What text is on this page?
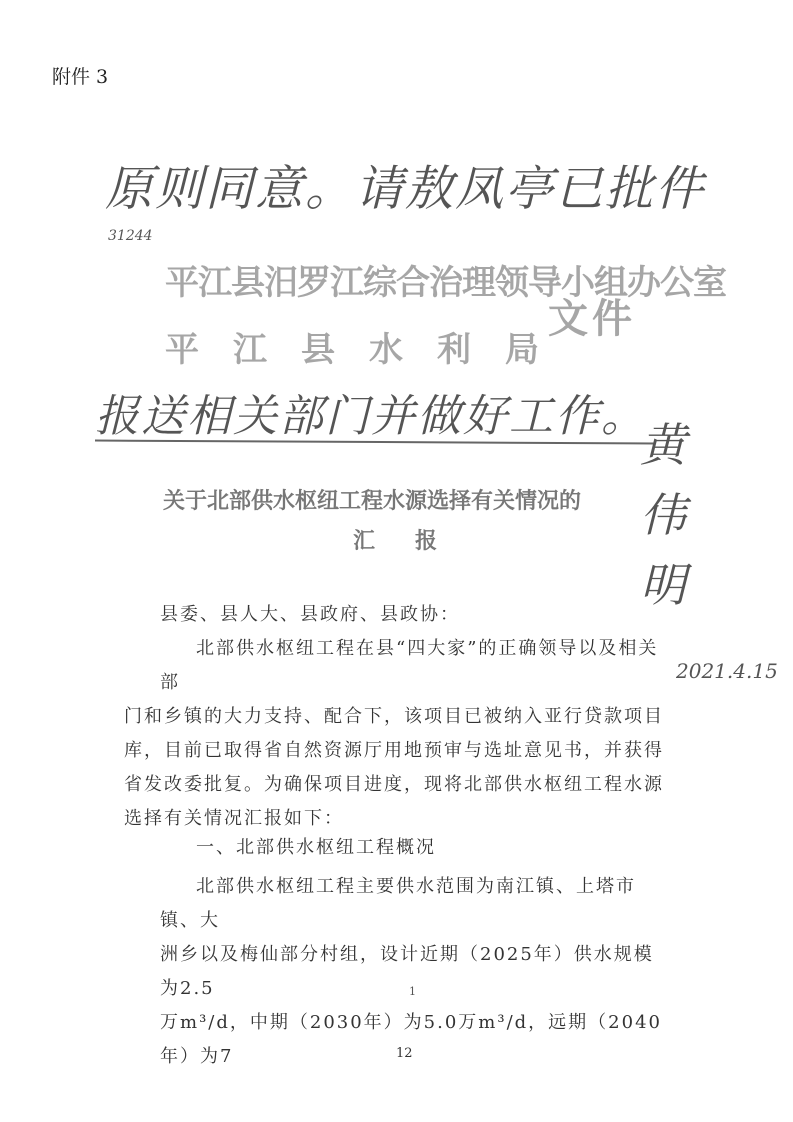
附件 3
原则同意。请敖凤亭已批件
31244
平江县汨罗江综合治理领导小组办公室
平江县水利局
文件
报送相关部门并做好工作。
黄伟明
2021.4.15
关于北部供水枢纽工程水源选择有关情况的
汇报
县委、县人大、县政府、县政协：
北部供水枢纽工程在县“四大家”的正确领导以及相关部
门和乡镇的大力支持、配合下，该项目已被纳入亚行贷款项目
库，目前已取得省自然资源厅用地预审与选址意见书，并获得
省发改委批复。为确保项目进度，现将北部供水枢纽工程水源
选择有关情况汇报如下：
一、北部供水枢纽工程概况
北部供水枢纽工程主要供水范围为南江镇、上塔市镇、大
洲乡以及梅仙部分村组，设计近期（2025年）供水规模为2.5
万m³/d，中期（2030年）为5.0万m³/d，远期（2040年）为7
1
12
